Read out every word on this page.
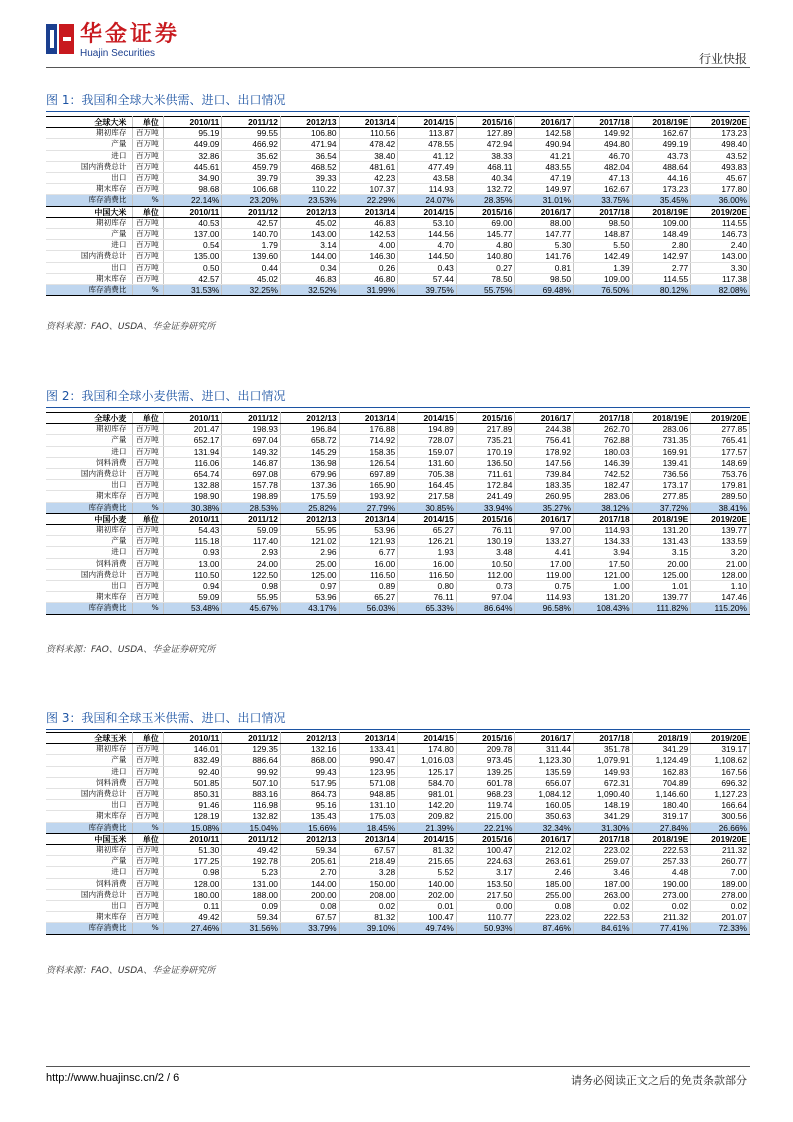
华金证券
Huajin Securities	行业快报
图 1：我国和全球大米供需、进口、出口情况
全球大米	单位	2010/11	2011/12	2012/13	2013/14	2014/15	2015/16	2016/17	2017/18	2018/19E	2019/20E
期初库存	百万吨	95.19	99.55	106.80	110.56	113.87	127.89	142.58	149.92	162.67	173.23
产量	百万吨	449.09	466.92	471.94	478.42	478.55	472.94	490.94	494.80	499.19	498.40
进口	百万吨	32.86	35.62	36.54	38.40	41.12	38.33	41.21	46.70	43.73	43.52
国内消费总计	百万吨	445.61	459.79	468.52	481.61	477.49	468.11	483.55	482.04	488.64	493.83
出口	百万吨	34.90	39.79	39.33	42.23	43.58	40.34	47.19	47.13	44.16	45.67
期末库存	百万吨	98.68	106.68	110.22	107.37	114.93	132.72	149.97	162.67	173.23	177.80
库存消费比	%	22.14%	23.20%	23.53%	22.29%	24.07%	28.35%	31.01%	33.75%	35.45%	36.00%
中国大米	单位	2010/11	2011/12	2012/13	2013/14	2014/15	2015/16	2016/17	2017/18	2018/19E	2019/20E
期初库存	百万吨	40.53	42.57	45.02	46.83	53.10	69.00	88.00	98.50	109.00	114.55
产量	百万吨	137.00	140.70	143.00	142.53	144.56	145.77	147.77	148.87	148.49	146.73
进口	百万吨	0.54	1.79	3.14	4.00	4.70	4.80	5.30	5.50	2.80	2.40
国内消费总计	百万吨	135.00	139.60	144.00	146.30	144.50	140.80	141.76	142.49	142.97	143.00
出口	百万吨	0.50	0.44	0.34	0.26	0.43	0.27	0.81	1.39	2.77	3.30
期末库存	百万吨	42.57	45.02	46.83	46.80	57.44	78.50	98.50	109.00	114.55	117.38
库存消费比	%	31.53%	32.25%	32.52%	31.99%	39.75%	55.75%	69.48%	76.50%	80.12%	82.08%
资料来源：FAO、USDA、华金证券研究所
图 2：我国和全球小麦供需、进口、出口情况
全球小麦	单位	2010/11	2011/12	2012/13	2013/14	2014/15	2015/16	2016/17	2017/18	2018/19E	2019/20E
期初库存	百万吨	201.47	198.93	196.84	176.88	194.89	217.89	244.38	262.70	283.06	277.85
产量	百万吨	652.17	697.04	658.72	714.92	728.07	735.21	756.41	762.88	731.35	765.41
进口	百万吨	131.94	149.32	145.29	158.35	159.07	170.19	178.92	180.03	169.91	177.57
饲料消费	百万吨	116.06	146.87	136.98	126.54	131.60	136.50	147.56	146.39	139.41	148.69
国内消费总计	百万吨	654.74	697.08	679.96	697.89	705.38	711.61	739.84	742.52	736.56	753.76
出口	百万吨	132.88	157.78	137.36	165.90	164.45	172.84	183.35	182.47	173.17	179.81
期末库存	百万吨	198.90	198.89	175.59	193.92	217.58	241.49	260.95	283.06	277.85	289.50
库存消费比	%	30.38%	28.53%	25.82%	27.79%	30.85%	33.94%	35.27%	38.12%	37.72%	38.41%
中国小麦	单位	2010/11	2011/12	2012/13	2013/14	2014/15	2015/16	2016/17	2017/18	2018/19E	2019/20E
期初库存	百万吨	54.43	59.09	55.95	53.96	65.27	76.11	97.00	114.93	131.20	139.77
产量	百万吨	115.18	117.40	121.02	121.93	126.21	130.19	133.27	134.33	131.43	133.59
进口	百万吨	0.93	2.93	2.96	6.77	1.93	3.48	4.41	3.94	3.15	3.20
饲料消费	百万吨	13.00	24.00	25.00	16.00	16.00	10.50	17.00	17.50	20.00	21.00
国内消费总计	百万吨	110.50	122.50	125.00	116.50	116.50	112.00	119.00	121.00	125.00	128.00
出口	百万吨	0.94	0.98	0.97	0.89	0.80	0.73	0.75	1.00	1.01	1.10
期末库存	百万吨	59.09	55.95	53.96	65.27	76.11	97.04	114.93	131.20	139.77	147.46
库存消费比	%	53.48%	45.67%	43.17%	56.03%	65.33%	86.64%	96.58%	108.43%	111.82%	115.20%
资料来源：FAO、USDA、华金证券研究所
图 3：我国和全球玉米供需、进口、出口情况
全球玉米	单位	2010/11	2011/12	2012/13	2013/14	2014/15	2015/16	2016/17	2017/18	2018/19	2019/20E
期初库存	百万吨	146.01	129.35	132.16	133.41	174.80	209.78	311.44	351.78	341.29	319.17
产量	百万吨	832.49	886.64	868.00	990.47	1,016.03	973.45	1,123.30	1,079.91	1,124.49	1,108.62
进口	百万吨	92.40	99.92	99.43	123.95	125.17	139.25	135.59	149.93	162.83	167.56
饲料消费	百万吨	501.85	507.10	517.95	571.08	584.70	601.78	656.07	672.31	704.89	696.32
国内消费总计	百万吨	850.31	883.16	864.73	948.85	981.01	968.23	1,084.12	1,090.40	1,146.60	1,127.23
出口	百万吨	91.46	116.98	95.16	131.10	142.20	119.74	160.05	148.19	180.40	166.64
期末库存	百万吨	128.19	132.82	135.43	175.03	209.82	215.00	350.63	341.29	319.17	300.56
库存消费比	%	15.08%	15.04%	15.66%	18.45%	21.39%	22.21%	32.34%	31.30%	27.84%	26.66%
中国玉米	单位	2010/11	2011/12	2012/13	2013/14	2014/15	2015/16	2016/17	2017/18	2018/19E	2019/20E
期初库存	百万吨	51.30	49.42	59.34	67.57	81.32	100.47	212.02	223.02	222.53	211.32
产量	百万吨	177.25	192.78	205.61	218.49	215.65	224.63	263.61	259.07	257.33	260.77
进口	百万吨	0.98	5.23	2.70	3.28	5.52	3.17	2.46	3.46	4.48	7.00
饲料消费	百万吨	128.00	131.00	144.00	150.00	140.00	153.50	185.00	187.00	190.00	189.00
国内消费总计	百万吨	180.00	188.00	200.00	208.00	202.00	217.50	255.00	263.00	273.00	278.00
出口	百万吨	0.11	0.09	0.08	0.02	0.01	0.00	0.08	0.02	0.02	0.02
期末库存	百万吨	49.42	59.34	67.57	81.32	100.47	110.77	223.02	222.53	211.32	201.07
库存消费比	%	27.46%	31.56%	33.79%	39.10%	49.74%	50.93%	87.46%	84.61%	77.41%	72.33%
资料来源：FAO、USDA、华金证券研究所
http://www.huajinsc.cn/2 / 6	请务必阅读正文之后的免责条款部分
